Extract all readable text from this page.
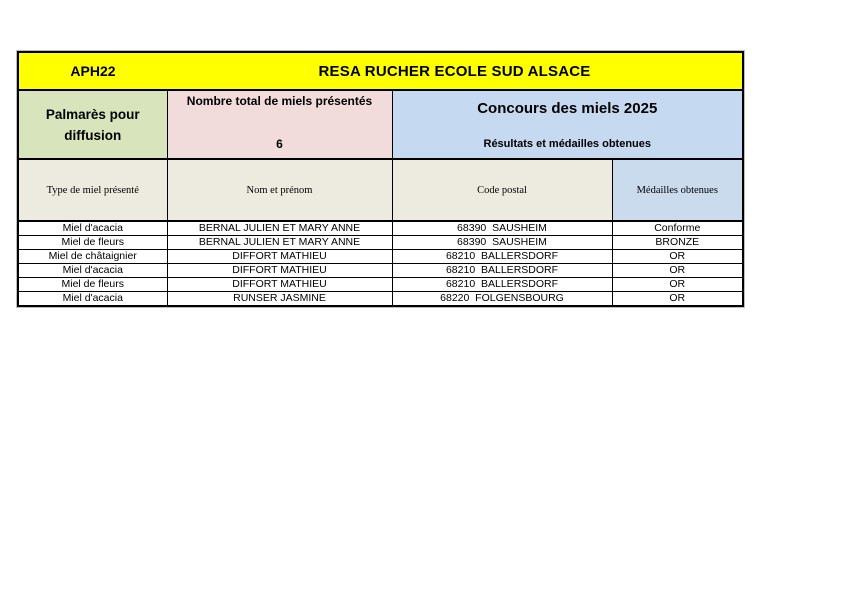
APH22	RESA RUCHER ECOLE SUD ALSACE		

Palmarès pour
diffusion

Nombre total de miels présentés
6

Concours des miels 2025
Résultats et médailles obtenues

Type de miel présenté	Nom et prénom	Code postal	Médailles obtenues
Miel d'acacia	BERNAL JULIEN ET MARY ANNE	68390  SAUSHEIM	Conforme
Miel de fleurs	BERNAL JULIEN ET MARY ANNE	68390  SAUSHEIM	BRONZE
Miel de châtaignier	DIFFORT MATHIEU	68210  BALLERSDORF	OR
Miel d'acacia	DIFFORT MATHIEU	68210  BALLERSDORF	OR
Miel de fleurs	DIFFORT MATHIEU	68210  BALLERSDORF	OR
Miel d'acacia	RUNSER JASMINE	68220  FOLGENSBOURG	OR
